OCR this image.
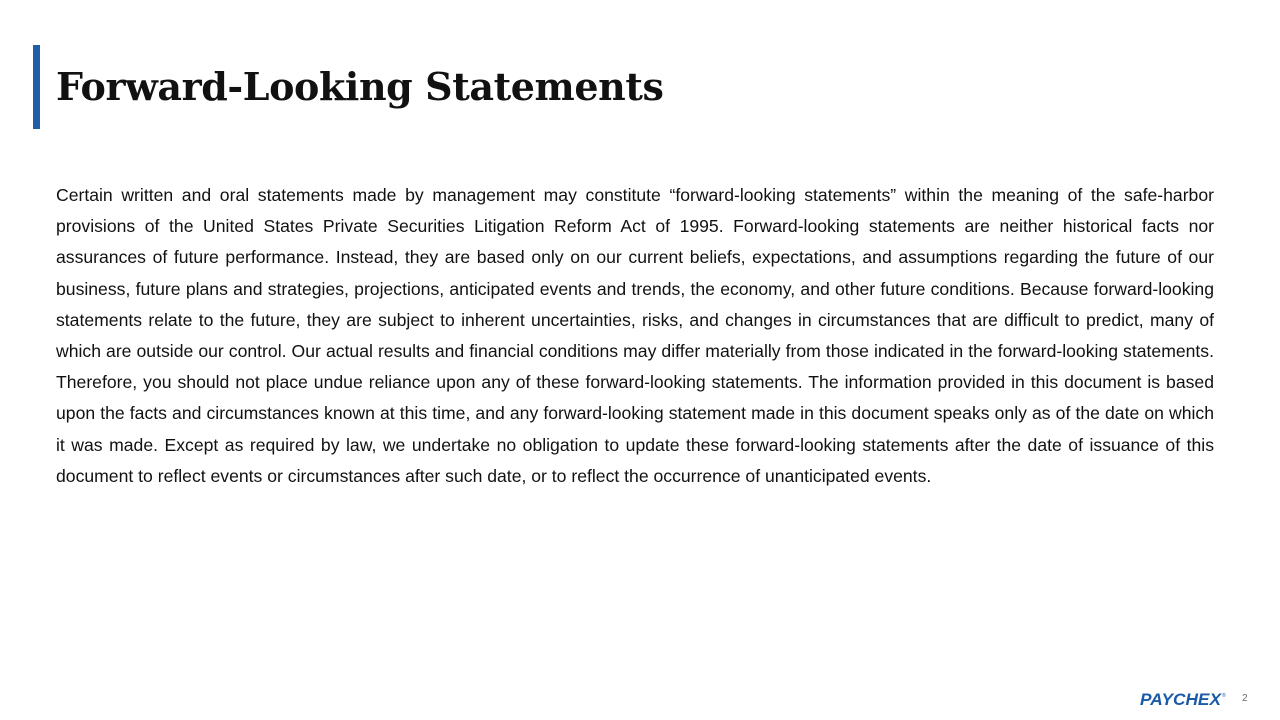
Forward-Looking Statements

Certain written and oral statements made by management may constitute “forward-looking statements” within the meaning of the safe-harbor provisions of the United States Private Securities Litigation Reform Act of 1995. Forward-looking statements are neither historical facts nor assurances of future performance. Instead, they are based only on our current beliefs, expectations, and assumptions regarding the future of our business, future plans and strategies, projections, anticipated events and trends, the economy, and other future conditions. Because forward-looking statements relate to the future, they are subject to inherent uncertainties, risks, and changes in circumstances that are difficult to predict, many of which are outside our control. Our actual results and financial conditions may differ materially from those indicated in the forward-looking statements. Therefore, you should not place undue reliance upon any of these forward-looking statements. The information provided in this document is based upon the facts and circumstances known at this time, and any forward-looking statement made in this document speaks only as of the date on which it was made. Except as required by law, we undertake no obligation to update these forward-looking statements after the date of issuance of this document to reflect events or circumstances after such date, or to reflect the occurrence of unanticipated events.

PAYCHEX ® 2
